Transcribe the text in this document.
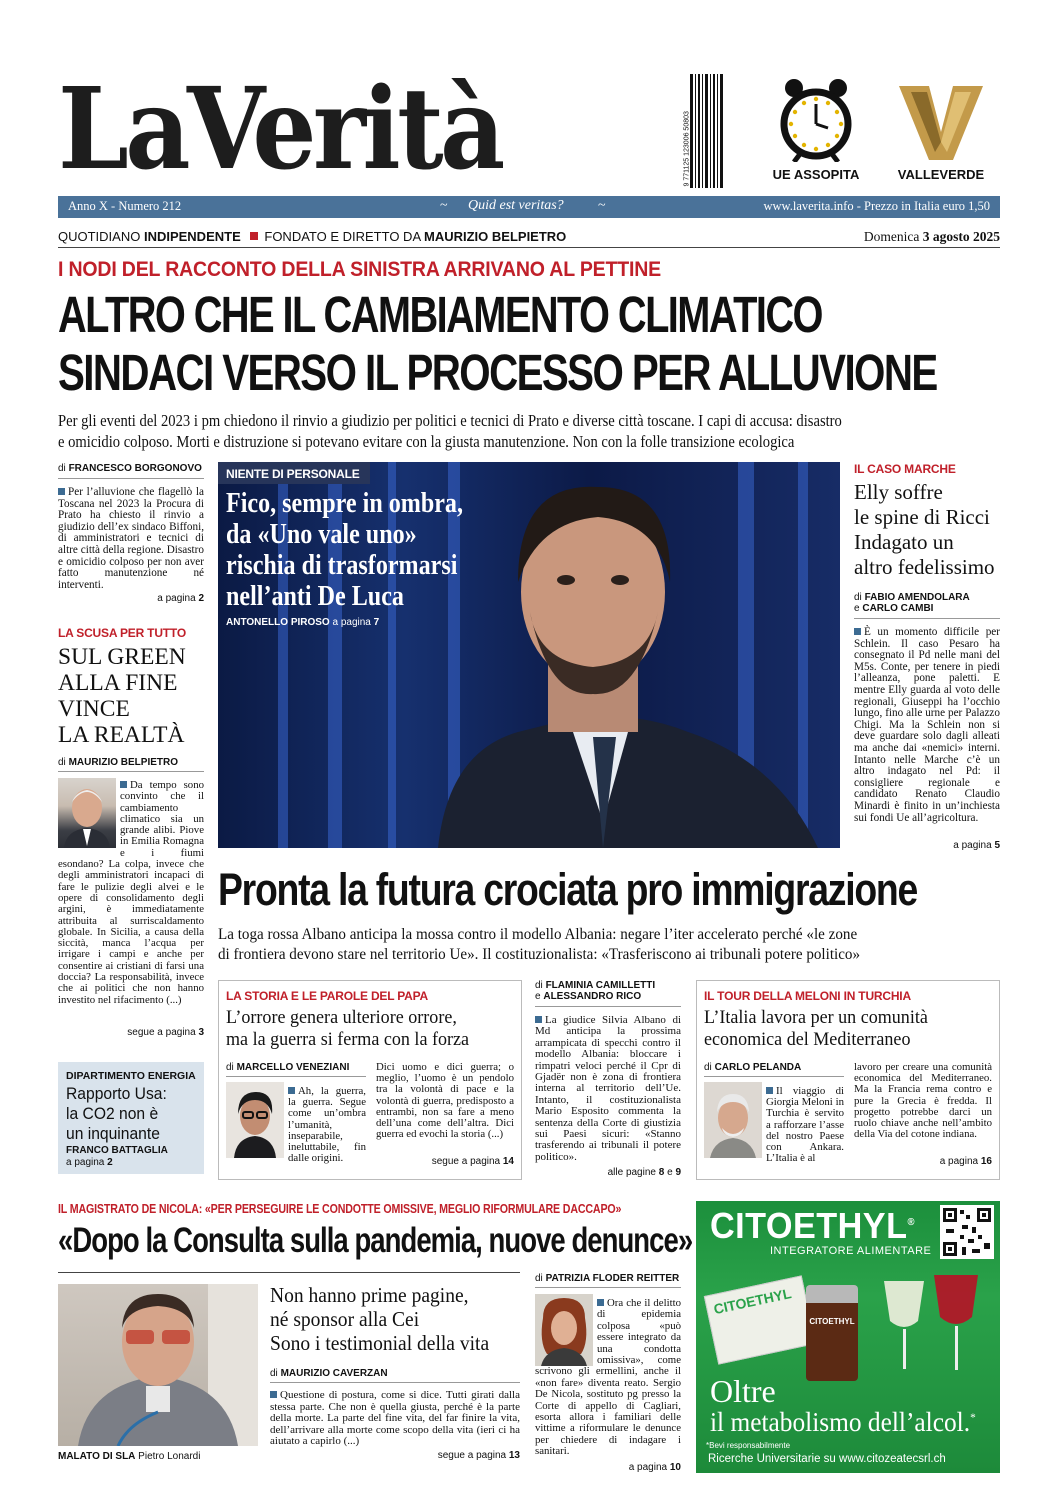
LaVerità	9 771125 123006 50803	UE ASSOPITA	VALLEVERDE
Anno X - Numero 212	~ Quid est veritas? ~	www.laverita.info - Prezzo in Italia euro 1,50
QUOTIDIANO INDIPENDENTE FONDATO E DIRETTO DA MAURIZIO BELPIETRO	Domenica 3 agosto 2025
I NODI DEL RACCONTO DELLA SINISTRA ARRIVANO AL PETTINE
ALTRO CHE IL CAMBIAMENTO CLIMATICO
SINDACI VERSO IL PROCESSO PER ALLUVIONE
Per gli eventi del 2023 i pm chiedono il rinvio a giudizio per politici e tecnici di Prato e diverse città toscane. I capi di accusa: disastro
e omicidio colposo. Morti e distruzione si potevano evitare con la giusta manutenzione. Non con la folle transizione ecologica
di FRANCESCO BORGONOVO
Per l’alluvione che flagellò la Toscana nel 2023 la Procura di Prato ha chiesto il rinvio a giudizio dell’ex sindaco Biffoni, di amministratori e tecnici di altre città della regione. Disastro e omicidio colposo per non aver fatto manutenzione né interventi.
a pagina 2
LA SCUSA PER TUTTO
SUL GREEN
ALLA FINE
VINCE
LA REALTÀ
di MAURIZIO BELPIETRO
Da tempo sono convinto che il cambiamento climatico sia un grande alibi. Piove in Emilia Romagna e i fiumi esondano? La colpa, invece che degli amministratori incapaci di fare le pulizie degli alvei e le opere di consolidamento degli argini, è immediatamente attribuita al surriscaldamento globale. In Sicilia, a causa della siccità, manca l’acqua per irrigare i campi e anche per consentire ai cristiani di farsi una doccia? La responsabilità, invece che ai politici che non hanno investito nel rifacimento (...)
segue a pagina 3
NIENTE DI PERSONALE
Fico, sempre in ombra,
da «Uno vale uno»
rischia di trasformarsi
nell’anti De Luca
ANTONELLO PIROSO a pagina 7
IL CASO MARCHE
Elly soffre
le spine di Ricci
Indagato un
altro fedelissimo
di FABIO AMENDOLARA
e CARLO CAMBI
È un momento difficile per Schlein. Il caso Pesaro ha consegnato il Pd nelle mani del M5s. Conte, per tenere in piedi l’alleanza, pone paletti. E mentre Elly guarda al voto delle regionali, Giuseppi ha l’occhio lungo, fino alle urne per Palazzo Chigi. Ma la Schlein non si deve guardare solo dagli alleati ma anche dai «nemici» interni. Intanto nelle Marche c’è un altro indagato nel Pd: il consigliere regionale e candidato Renato Claudio Minardi è finito in un’inchiesta sui fondi Ue all’agricoltura.
a pagina 5
Pronta la futura crociata pro immigrazione
La toga rossa Albano anticipa la mossa contro il modello Albania: negare l’iter accelerato perché «le zone
di frontiera devono stare nel territorio Ue». Il costituzionalista: «Trasferiscono ai tribunali potere politico»
LA STORIA E LE PAROLE DEL PAPA
L’orrore genera ulteriore orrore,
ma la guerra si ferma con la forza
di MARCELLO VENEZIANI
Ah, la guerra, la guerra. Segue come un’ombra l’umanità, inseparabile, ineluttabile, fin dalle origini.
Dici uomo e dici guerra; o meglio, l’uomo è un pendolo tra la volontà di pace e la volontà di guerra, predisposto a entrambi, non sa fare a meno dell’una come dell’altra. Dici guerra ed evochi la storia (...)
segue a pagina 14
di FLAMINIA CAMILLETTI
e ALESSANDRO RICO
La giudice Silvia Albano di Md anticipa la prossima arrampicata di specchi contro il modello Albania: bloccare i rimpatri veloci perché il Cpr di Gjadër non è zona di frontiera interna al territorio dell’Ue. Intanto, il costituzionalista Mario Esposito commenta la sentenza della Corte di giustizia sui Paesi sicuri: «Stanno trasferendo ai tribunali il potere politico».
alle pagine 8 e 9
IL TOUR DELLA MELONI IN TURCHIA
L’Italia lavora per un comunità
economica del Mediterraneo
di CARLO PELANDA
Il viaggio di Giorgia Meloni in Turchia è servito a rafforzare l’asse del nostro Paese con Ankara. L’Italia è al
lavoro per creare una comunità economica del Mediterraneo. Ma la Francia rema contro e pure la Grecia è fredda. Il progetto potrebbe darci un ruolo chiave anche nell’ambito della Via del cotone indiana.
a pagina 16
DIPARTIMENTO ENERGIA
Rapporto Usa:
la CO2 non è
un inquinante
FRANCO BATTAGLIA
a pagina 2
IL MAGISTRATO DE NICOLA: «PER PERSEGUIRE LE CONDOTTE OMISSIVE, MEGLIO RIFORMULARE DACCAPO»
«Dopo la Consulta sulla pandemia, nuove denunce»
MALATO DI SLA Pietro Lonardi
Non hanno prime pagine,
né sponsor alla Cei
Sono i testimonial della vita
di MAURIZIO CAVERZAN
Questione di postura, come si dice. Tutti girati dalla stessa parte. Che non è quella giusta, perché è la parte della morte. La parte del fine vita, del far finire la vita, dell’arrivare alla morte come scopo della vita (ieri ci ha aiutato a capirlo (...)
segue a pagina 13
di PATRIZIA FLODER REITTER
Ora che il delitto di epidemia colposa «può essere integrato da una condotta omissiva», come scrivono gli ermellini, anche il «non fare» diventa reato. Sergio De Nicola, sostituto pg presso la Corte di appello di Cagliari, esorta allora i familiari delle vittime a riformulare le denunce per chiedere di indagare i sanitari.
a pagina 10
CITOETHYL®
INTEGRATORE ALIMENTARE
CITOETHYL
CITOETHYL
Oltre
il metabolismo dell’alcol.*
*Bevi responsabilmente
Ricerche Universitarie su www.citozeatecsrl.ch
